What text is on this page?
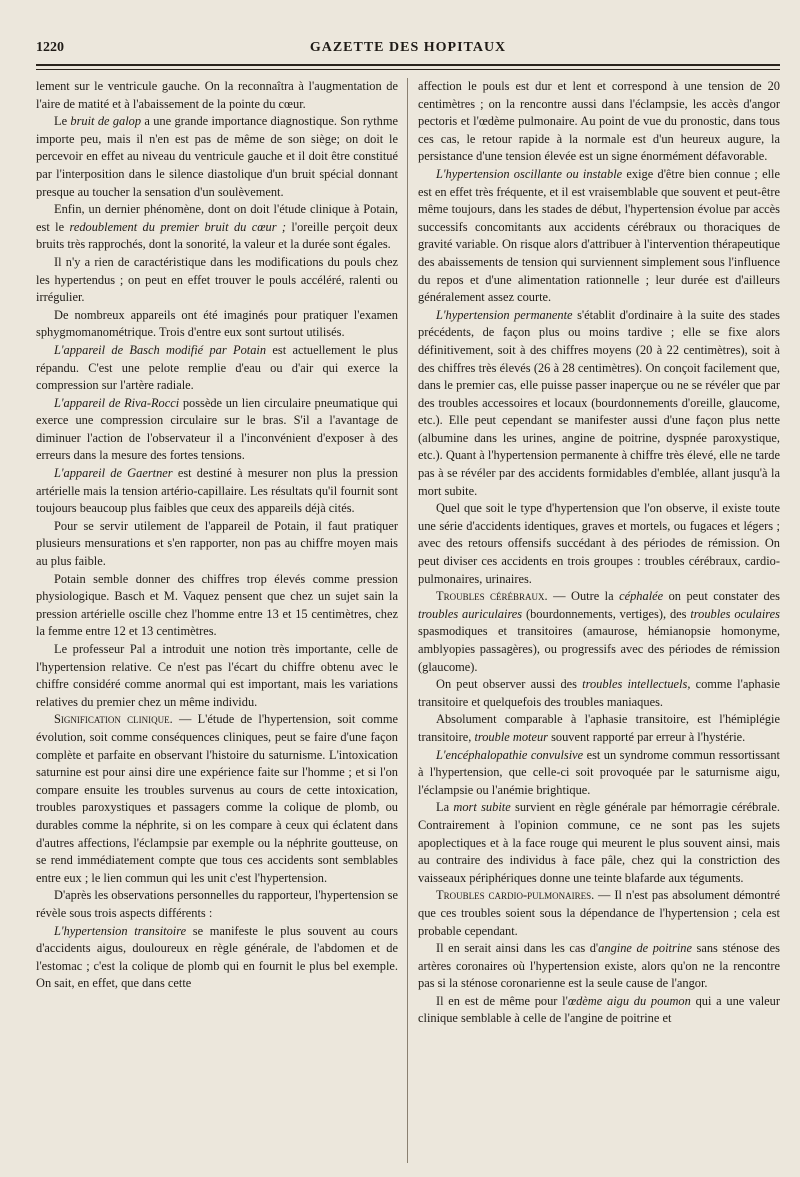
1220	GAZETTE DES HOPITAUX

lement sur le ventricule gauche. On la reconnaîtra à l'augmentation de l'aire de matité et à l'abaissement de la pointe du cœur.

Le bruit de galop a une grande importance diagnostique. Son rythme importe peu, mais il n'en est pas de même de son siège; on doit le percevoir en effet au niveau du ventricule gauche et il doit être constitué par l'interposition dans le silence diastolique d'un bruit spécial donnant presque au toucher la sensation d'un soulèvement.

Enfin, un dernier phénomène, dont on doit l'étude clinique à Potain, est le redoublement du premier bruit du cœur ; l'oreille perçoit deux bruits très rapprochés, dont la sonorité, la valeur et la durée sont égales.

Il n'y a rien de caractéristique dans les modifications du pouls chez les hypertendus ; on peut en effet trouver le pouls accéléré, ralenti ou irrégulier.

De nombreux appareils ont été imaginés pour pratiquer l'examen sphygmomanométrique. Trois d'entre eux sont surtout utilisés.

L'appareil de Basch modifié par Potain est actuellement le plus répandu. C'est une pelote remplie d'eau ou d'air qui exerce la compression sur l'artère radiale.

L'appareil de Riva-Rocci possède un lien circulaire pneumatique qui exerce une compression circulaire sur le bras. S'il a l'avantage de diminuer l'action de l'observateur il a l'inconvénient d'exposer à des erreurs dans la mesure des fortes tensions.

L'appareil de Gaertner est destiné à mesurer non plus la pression artérielle mais la tension artério-capillaire. Les résultats qu'il fournit sont toujours beaucoup plus faibles que ceux des appareils déjà cités.

Pour se servir utilement de l'appareil de Potain, il faut pratiquer plusieurs mensurations et s'en rapporter, non pas au chiffre moyen mais au plus faible.

Potain semble donner des chiffres trop élevés comme pression physiologique. Basch et M. Vaquez pensent que chez un sujet sain la pression artérielle oscille chez l'homme entre 13 et 15 centimètres, chez la femme entre 12 et 13 centimètres.

Le professeur Pal a introduit une notion très importante, celle de l'hypertension relative. Ce n'est pas l'écart du chiffre obtenu avec le chiffre considéré comme anormal qui est important, mais les variations relatives du premier chez un même individu.

Signification clinique. — L'étude de l'hypertension, soit comme évolution, soit comme conséquences cliniques, peut se faire d'une façon complète et parfaite en observant l'histoire du saturnisme. L'intoxication saturnine est pour ainsi dire une expérience faite sur l'homme ; et si l'on compare ensuite les troubles survenus au cours de cette intoxication, troubles paroxystiques et passagers comme la colique de plomb, ou durables comme la néphrite, si on les compare à ceux qui éclatent dans d'autres affections, l'éclampsie par exemple ou la néphrite goutteuse, on se rend immédiatement compte que tous ces accidents sont semblables entre eux ; le lien commun qui les unit c'est l'hypertension.

D'après les observations personnelles du rapporteur, l'hypertension se révèle sous trois aspects différents :

L'hypertension transitoire se manifeste le plus souvent au cours d'accidents aigus, douloureux en règle générale, de l'abdomen et de l'estomac ; c'est la colique de plomb qui en fournit le plus bel exemple. On sait, en effet, que dans cette

affection le pouls est dur et lent et correspond à une tension de 20 centimètres ; on la rencontre aussi dans l'éclampsie, les accès d'angor pectoris et l'œdème pulmonaire. Au point de vue du pronostic, dans tous ces cas, le retour rapide à la normale est d'un heureux augure, la persistance d'une tension élevée est un signe énormément défavorable.

L'hypertension oscillante ou instable exige d'être bien connue ; elle est en effet très fréquente, et il est vraisemblable que souvent et peut-être même toujours, dans les stades de début, l'hypertension évolue par accès successifs concomitants aux accidents cérébraux ou thoraciques de gravité variable. On risque alors d'attribuer à l'intervention thérapeutique des abaissements de tension qui surviennent simplement sous l'influence du repos et d'une alimentation rationnelle ; leur durée est d'ailleurs généralement assez courte.

L'hypertension permanente s'établit d'ordinaire à la suite des stades précédents, de façon plus ou moins tardive ; elle se fixe alors définitivement, soit à des chiffres moyens (20 à 22 centimètres), soit à des chiffres très élevés (26 à 28 centimètres). On conçoit facilement que, dans le premier cas, elle puisse passer inaperçue ou ne se révéler que par des troubles accessoires et locaux (bourdonnements d'oreille, glaucome, etc.). Elle peut cependant se manifester aussi d'une façon plus nette (albumine dans les urines, angine de poitrine, dyspnée paroxystique, etc.). Quant à l'hypertension permanente à chiffre très élevé, elle ne tarde pas à se révéler par des accidents formidables d'emblée, allant jusqu'à la mort subite.

Quel que soit le type d'hypertension que l'on observe, il existe toute une série d'accidents identiques, graves et mortels, ou fugaces et légers ; avec des retours offensifs succédant à des périodes de rémission. On peut diviser ces accidents en trois groupes : troubles cérébraux, cardio-pulmonaires, urinaires.

Troubles cérébraux. — Outre la céphalée on peut constater des troubles auriculaires (bourdonnements, vertiges), des troubles oculaires spasmodiques et transitoires (amaurose, hémianopsie homonyme, amblyopies passagères), ou progressifs avec des périodes de rémission (glaucome).

On peut observer aussi des troubles intellectuels, comme l'aphasie transitoire et quelquefois des troubles maniaques.

Absolument comparable à l'aphasie transitoire, est l'hémiplégie transitoire, trouble moteur souvent rapporté par erreur à l'hystérie.

L'encéphalopathie convulsive est un syndrome commun ressortissant à l'hypertension, que celle-ci soit provoquée par le saturnisme aigu, l'éclampsie ou l'anémie brightique.

La mort subite survient en règle générale par hémorragie cérébrale. Contrairement à l'opinion commune, ce ne sont pas les sujets apoplectiques et à la face rouge qui meurent le plus souvent ainsi, mais au contraire des individus à face pâle, chez qui la constriction des vaisseaux périphériques donne une teinte blafarde aux téguments.

Troubles cardio-pulmonaires. — Il n'est pas absolument démontré que ces troubles soient sous la dépendance de l'hypertension ; cela est probable cependant.

Il en serait ainsi dans les cas d'angine de poitrine sans sténose des artères coronaires où l'hypertension existe, alors qu'on ne la rencontre pas si la sténose coronarienne est la seule cause de l'angor.

Il en est de même pour l'œdème aigu du poumon qui a une valeur clinique semblable à celle de l'angine de poitrine et
